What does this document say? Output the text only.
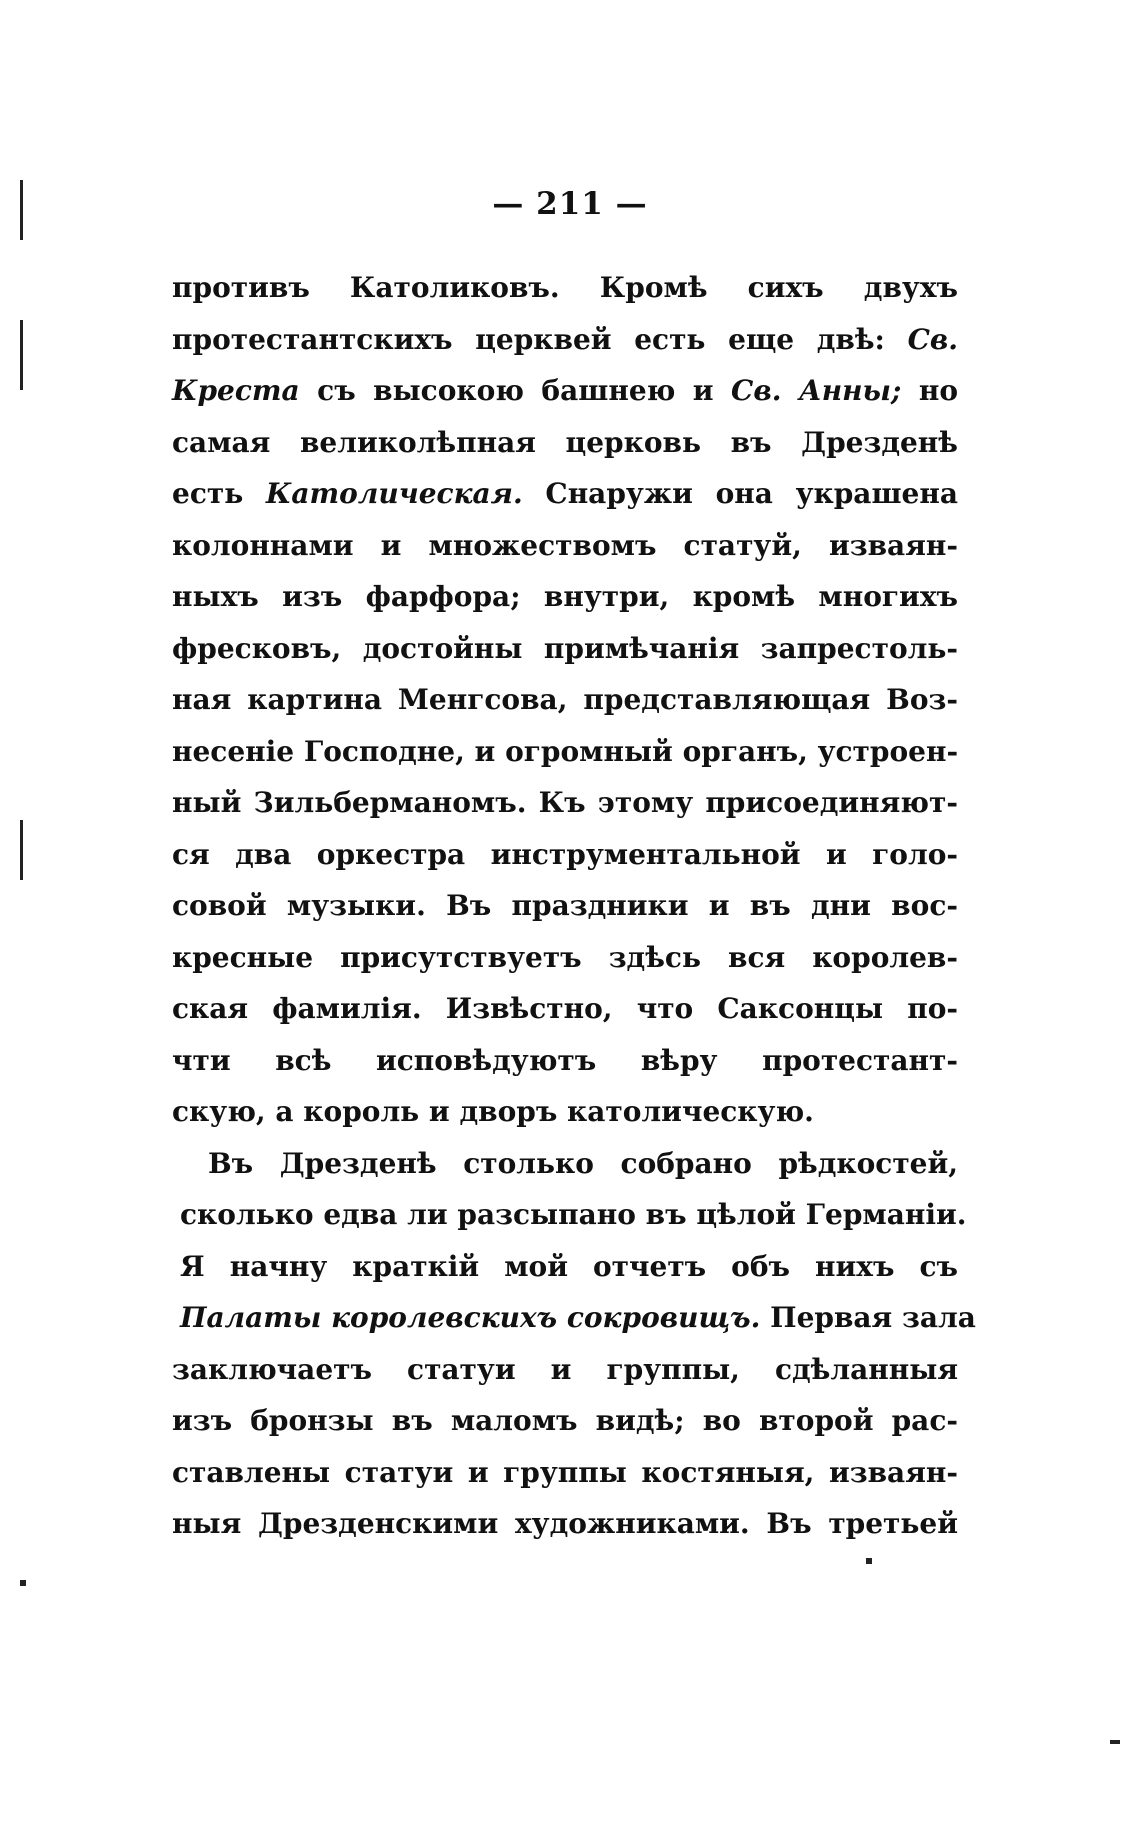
— 211 —
противъ Католиковъ. Кромѣ сихъ двухъ
протестантскихъ церквей есть еще двѣ: Св.
Креста съ высокою башнею и Св. Анны; но
самая великолѣпная церковь въ Дрезденѣ
есть Католическая. Снаружи она украшена
колоннами и множествомъ статуй, изваян-
ныхъ изъ фарфора; внутри, кромѣ многихъ
фресковъ, достойны примѣчанія запрестоль-
ная картина Менгсова, представляющая Воз-
несеніе Господне, и огромный органъ, устроен-
ный Зильберманомъ. Къ этому присоединяют-
ся два оркестра инструментальной и голо-
совой музыки. Въ праздники и въ дни вос-
кресные присутствуетъ здѣсь вся королев-
ская фамилія. Извѣстно, что Саксонцы по-
чти всѣ исповѣдуютъ вѣру протестант-
скую, а король и дворъ католическую.
Въ Дрезденѣ столько собрано рѣдкостей,
сколько едва ли разсыпано въ цѣлой Германіи.
Я начну краткій мой отчетъ объ нихъ съ
Палаты королевскихъ сокровищъ. Первая зала
заключаетъ статуи и группы, сдѣланныя
изъ бронзы въ маломъ видѣ; во второй рас-
ставлены статуи и группы костяныя, изваян-
ныя Дрезденскими художниками. Въ третьей
